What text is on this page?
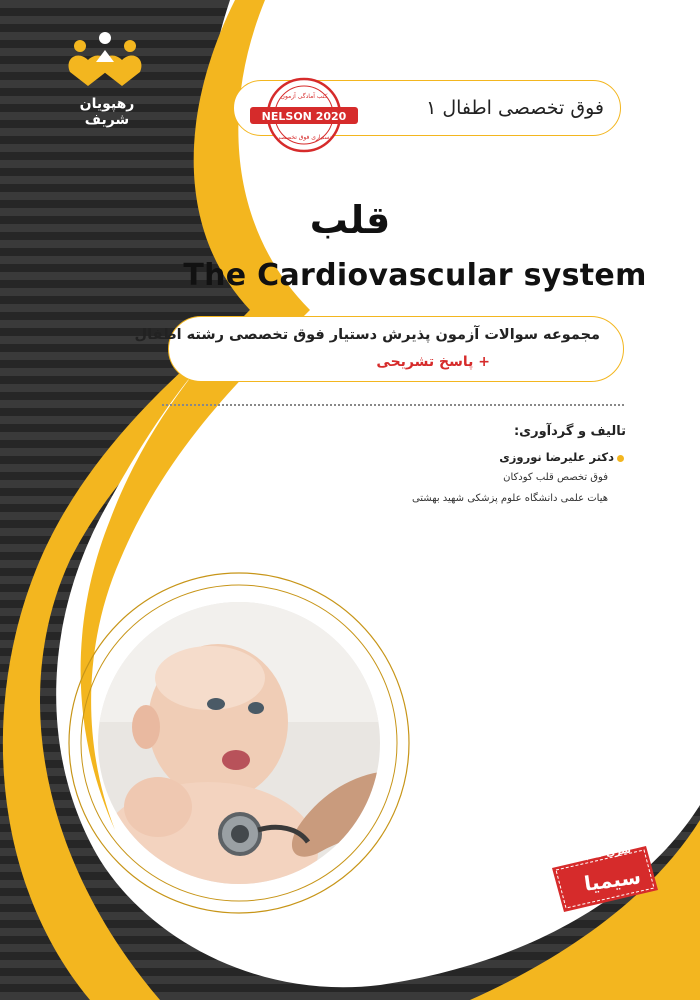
رهپویان شریف
فوق تخصصی اطفال ۱
NELSON 2020
کتب آمادگی آزمون
دستیاری فوق تخصصی
قلب
The Cardiovascular system
مجموعه سوالات آزمون پذیرش دستیار فوق تخصصی رشته اطفال
+ پاسخ تشریحی
تالیف و گردآوری:
دکتر علیرضا نوروزی
فوق تخصص قلب کودکان
هیات علمی دانشگاه علوم پزشکی شهید بهشتی
سری کتب
سیمیا
